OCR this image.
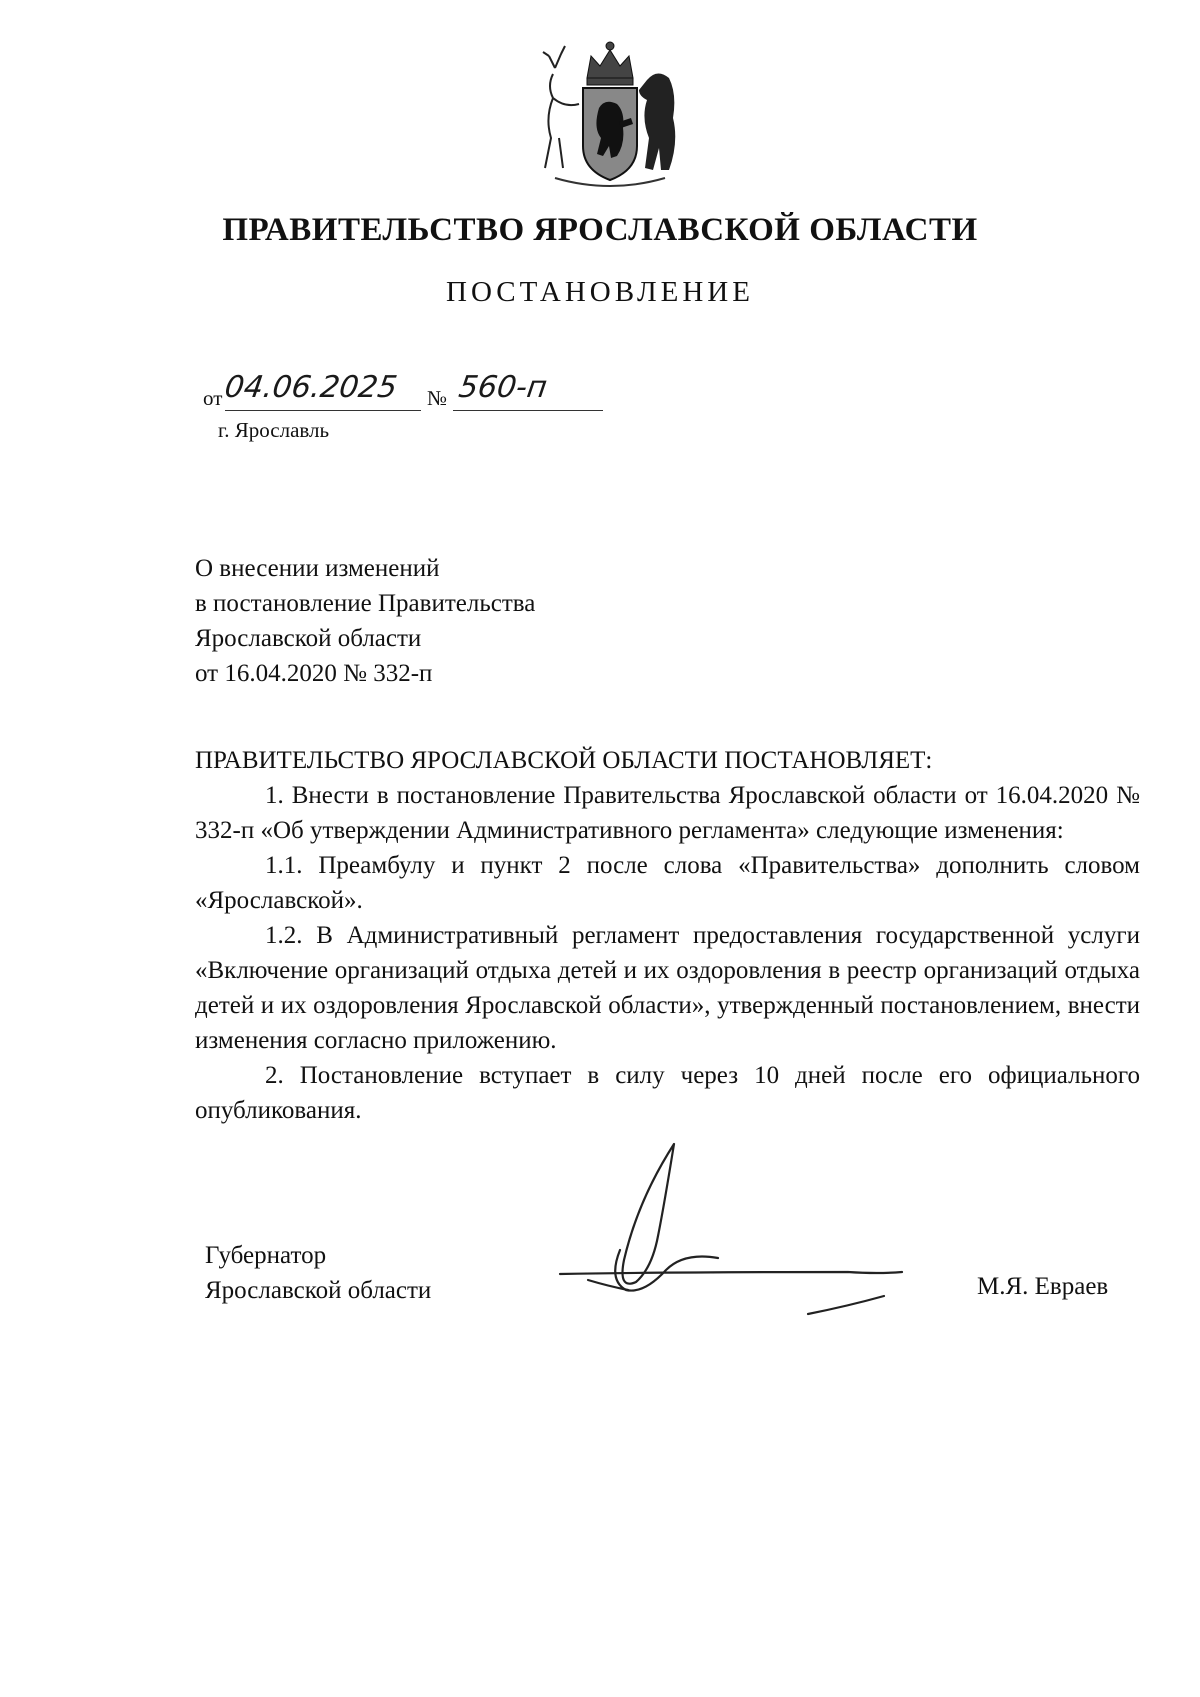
ПРАВИТЕЛЬСТВО ЯРОСЛАВСКОЙ ОБЛАСТИ
ПОСТАНОВЛЕНИЕ
от 04.06.2025 № 560-п
г. Ярославль
О внесении изменений
в постановление Правительства
Ярославской области
от 16.04.2020 № 332-п
ПРАВИТЕЛЬСТВО ЯРОСЛАВСКОЙ ОБЛАСТИ ПОСТАНОВЛЯЕТ:
1. Внести в постановление Правительства Ярославской области от 16.04.2020 № 332-п «Об утверждении Административного регламента» следующие изменения:
1.1. Преамбулу и пункт 2 после слова «Правительства» дополнить словом «Ярославской».
1.2. В Административный регламент предоставления государственной услуги «Включение организаций отдыха детей и их оздоровления в реестр организаций отдыха детей и их оздоровления Ярославской области», утвержденный постановлением, внести изменения согласно приложению.
2. Постановление вступает в силу через 10 дней после его официального опубликования.
Губернатор
Ярославской области	М.Я. Евраев
